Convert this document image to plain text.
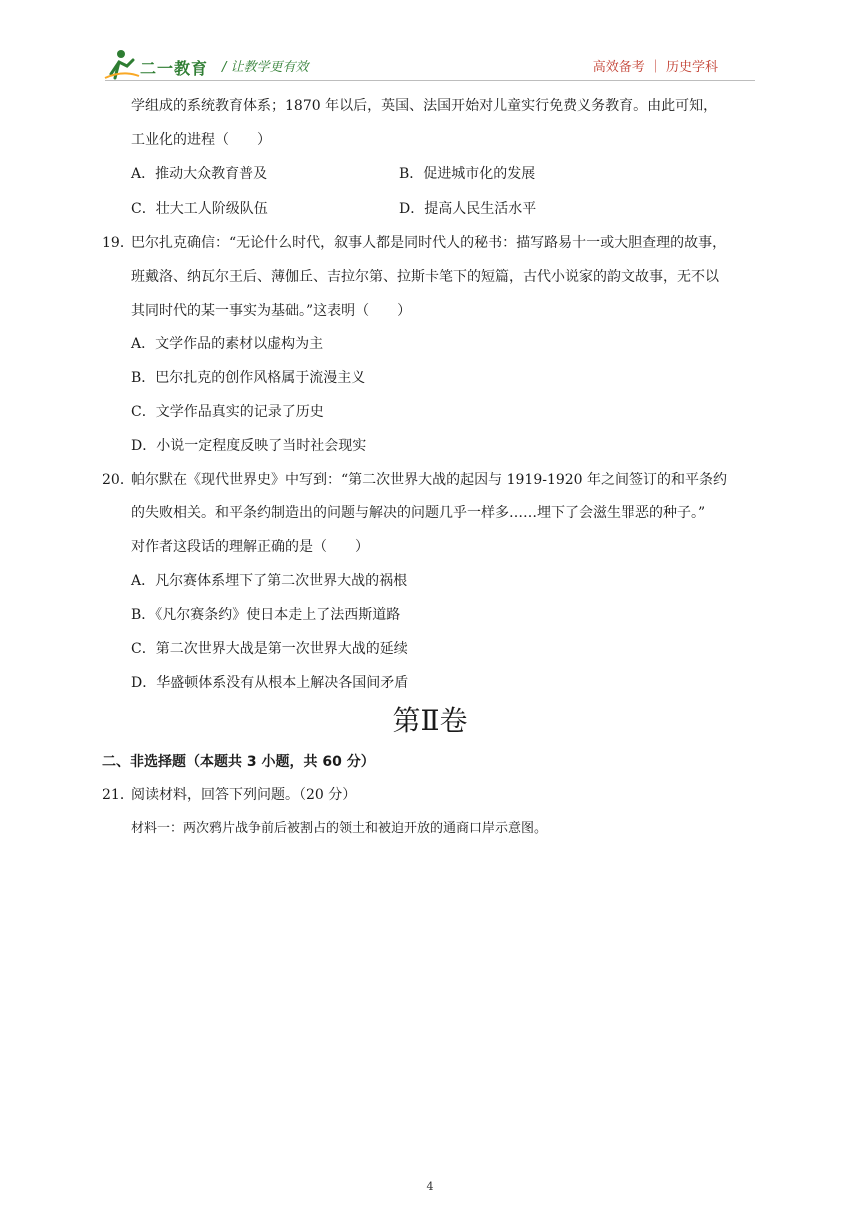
二一教育 / 让教学更有效	高效备考 ｜ 历史学科
学组成的系统教育体系；1870 年以后，英国、法国开始对儿童实行免费义务教育。由此可知，
工业化的进程（　　）
A．推动大众教育普及	B．促进城市化的发展
C．壮大工人阶级队伍	D．提高人民生活水平
19．
巴尔扎克确信：“无论什么时代，叙事人都是同时代人的秘书：描写路易十一或大胆查理的故事，
班戴洛、纳瓦尔王后、薄伽丘、吉拉尔第、拉斯卡笔下的短篇，古代小说家的韵文故事，无不以
其同时代的某一事实为基础。”这表明（　　）
A．文学作品的素材以虚构为主
B．巴尔扎克的创作风格属于流漫主义
C．文学作品真实的记录了历史
D．小说一定程度反映了当时社会现实
20．
帕尔默在《现代世界史》中写到：“第二次世界大战的起因与 1919-1920 年之间签订的和平条约
的失败相关。和平条约制造出的问题与解决的问题几乎一样多……埋下了会滋生罪恶的种子。”
对作者这段话的理解正确的是（　　）
A．凡尔赛体系埋下了第二次世界大战的祸根
B．《凡尔赛条约》使日本走上了法西斯道路
C．第二次世界大战是第一次世界大战的延续
D．华盛顿体系没有从根本上解决各国间矛盾
第Ⅱ卷
二、非选择题（本题共 3 小题，共 60 分）
21．
阅读材料，回答下列问题。（20 分）
材料一：两次鸦片战争前后被割占的领土和被迫开放的通商口岸示意图。
4
